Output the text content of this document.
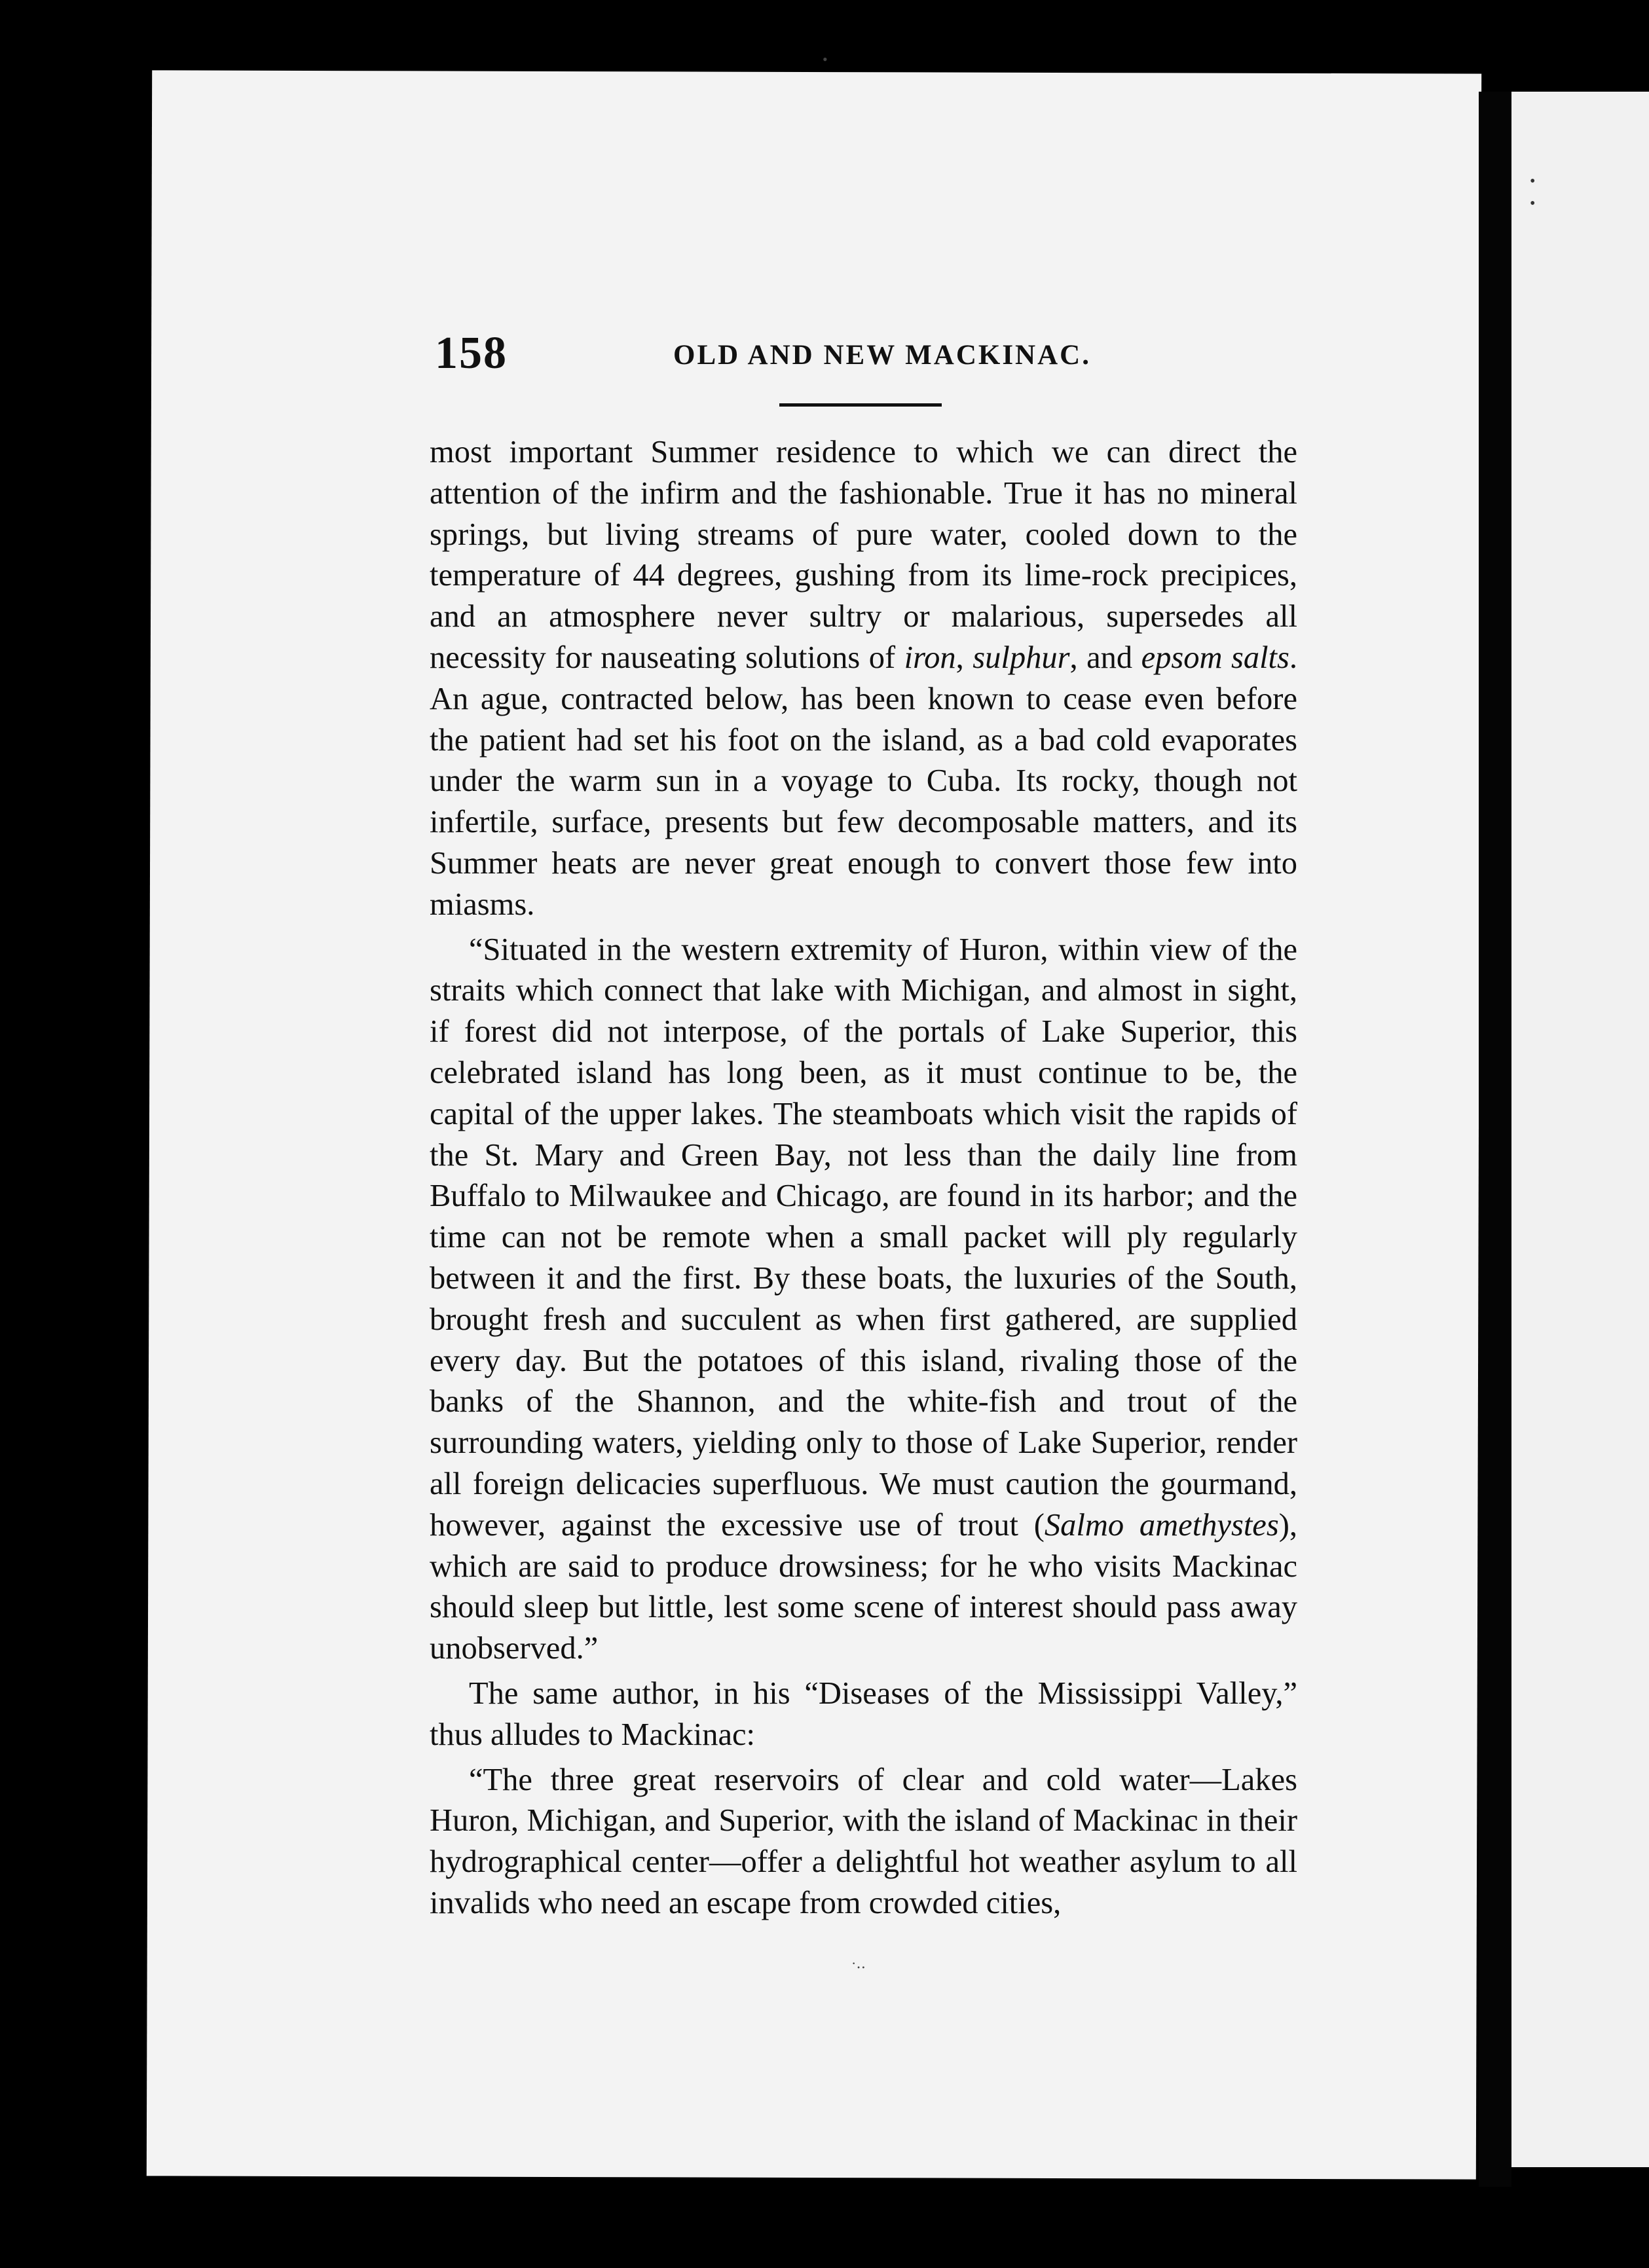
•
•
•
158	OLD AND NEW MACKINAC.

most important Summer residence to which we can direct the attention of the infirm and the fashionable. True it has no mineral springs, but living streams of pure water, cooled down to the temperature of 44 degrees, gushing from its lime-rock precipices, and an atmosphere never sultry or malarious, supersedes all necessity for nauseating solutions of iron, sulphur, and epsom salts. An ague, contracted below, has been known to cease even before the patient had set his foot on the island, as a bad cold evaporates under the warm sun in a voyage to Cuba. Its rocky, though not infertile, surface, presents but few decomposable matters, and its Summer heats are never great enough to convert those few into miasms.

“Situated in the western extremity of Huron, within view of the straits which connect that lake with Michigan, and almost in sight, if forest did not interpose, of the portals of Lake Superior, this celebrated island has long been, as it must continue to be, the capital of the upper lakes. The steamboats which visit the rapids of the St. Mary and Green Bay, not less than the daily line from Buffalo to Milwaukee and Chicago, are found in its harbor; and the time can not be remote when a small packet will ply regularly between it and the first. By these boats, the luxuries of the South, brought fresh and succulent as when first gathered, are supplied every day. But the potatoes of this island, rivaling those of the banks of the Shannon, and the white-fish and trout of the surrounding waters, yielding only to those of Lake Superior, render all foreign delicacies superfluous. We must caution the gourmand, however, against the excessive use of trout (Salmo amethystes), which are said to produce drowsiness; for he who visits Mackinac should sleep but little, lest some scene of interest should pass away unobserved.”

The same author, in his “Diseases of the Mississippi Valley,” thus alludes to Mackinac:

“The three great reservoirs of clear and cold water—Lakes Huron, Michigan, and Superior, with the island of Mackinac in their hydrographical center—offer a delightful hot weather asylum to all invalids who need an escape from crowded cities,

·‥
